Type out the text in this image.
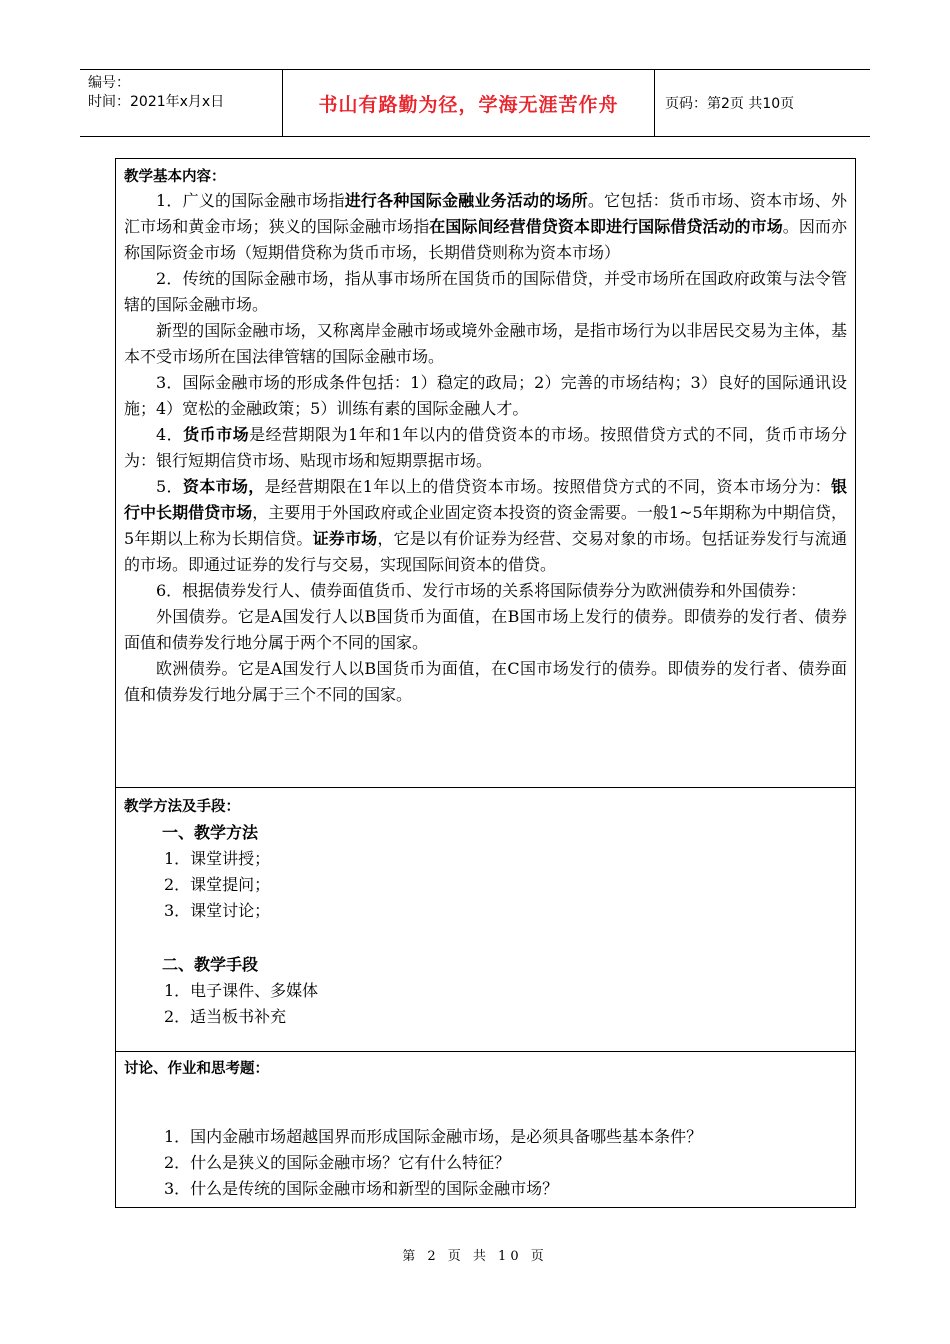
编号：
时间：2021年x月x日	书山有路勤为径，学海无涯苦作舟	页码：第2页 共10页
教学基本内容：

1．广义的国际金融市场指进行各种国际金融业务活动的场所。它包括：货币市场、资本市场、外汇市场和黄金市场；狭义的国际金融市场指在国际间经营借贷资本即进行国际借贷活动的市场。因而亦称国际资金市场（短期借贷称为货币市场，长期借贷则称为资本市场）

2．传统的国际金融市场，指从事市场所在国货币的国际借贷，并受市场所在国政府政策与法令管辖的国际金融市场。

新型的国际金融市场，又称离岸金融市场或境外金融市场，是指市场行为以非居民交易为主体，基本不受市场所在国法律管辖的国际金融市场。

3．国际金融市场的形成条件包括：1）稳定的政局；2）完善的市场结构；3）良好的国际通讯设施；4）宽松的金融政策；5）训练有素的国际金融人才。

4．货币市场是经营期限为1年和1年以内的借贷资本的市场。按照借贷方式的不同，货币市场分为：银行短期信贷市场、贴现市场和短期票据市场。

5．资本市场，是经营期限在1年以上的借贷资本市场。按照借贷方式的不同，资本市场分为：银行中长期借贷市场，主要用于外国政府或企业固定资本投资的资金需要。一般1~5年期称为中期信贷，5年期以上称为长期信贷。证券市场，它是以有价证券为经营、交易对象的市场。包括证券发行与流通的市场。即通过证券的发行与交易，实现国际间资本的借贷。

6．根据债券发行人、债券面值货币、发行市场的关系将国际债券分为欧洲债券和外国债券：

外国债券。它是A国发行人以B国货币为面值，在B国市场上发行的债券。即债券的发行者、债券面值和债券发行地分属于两个不同的国家。

欧洲债券。它是A国发行人以B国货币为面值，在C国市场发行的债券。即债券的发行者、债券面值和债券发行地分属于三个不同的国家。

教学方法及手段：
一、教学方法
1．课堂讲授；
2．课堂提问；
3．课堂讨论；
二、教学手段
1．电子课件、多媒体
2．适当板书补充
讨论、作业和思考题：
1．国内金融市场超越国界而形成国际金融市场，是必须具备哪些基本条件？
2．什么是狭义的国际金融市场？它有什么特征？
3．什么是传统的国际金融市场和新型的国际金融市场？
第 2 页 共 10 页
